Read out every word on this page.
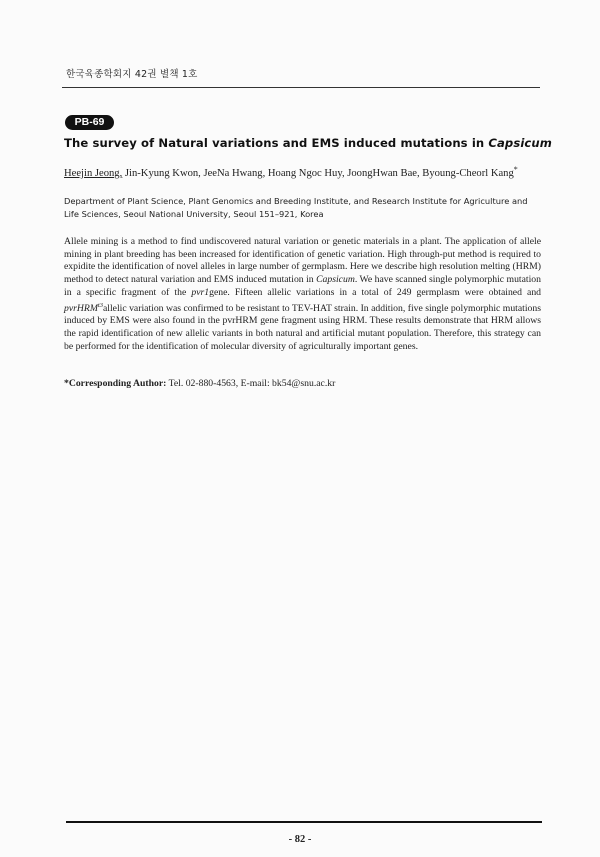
한국육종학회지 42권 별책 1호
PB-69
The survey of Natural variations and EMS induced mutations in Capsicum
Heejin Jeong, Jin-Kyung Kwon, JeeNa Hwang, Hoang Ngoc Huy, JoongHwan Bae, Byoung-Cheorl Kang*
Department of Plant Science, Plant Genomics and Breeding Institute, and Research Institute for Agriculture and Life Sciences, Seoul National University, Seoul 151–921, Korea
Allele mining is a method to find undiscovered natural variation or genetic materials in a plant. The application of allele mining in plant breeding has been increased for identification of genetic variation. High through-put method is required to expidite the identification of novel alleles in large number of germplasm. Here we describe high resolution melting (HRM) method to detect natural variation and EMS induced mutation in Capsicum. We have scanned single polymorphic mutation in a specific fragment of the pvr1gene. Fifteen allelic variations in a total of 249 germplasm were obtained and pvrHRM$^{t3}$allelic variation was confirmed to be resistant to TEV-HAT strain. In addition, five single polymorphic mutations induced by EMS were also found in the pvrHRM gene fragment using HRM. These results demonstrate that HRM allows the rapid identification of new allelic variants in both natural and artificial mutant population. Therefore, this strategy can be performed for the identification of molecular diversity of agriculturally important genes.
*Corresponding Author: Tel. 02-880-4563, E-mail: bk54@snu.ac.kr
- 82 -
